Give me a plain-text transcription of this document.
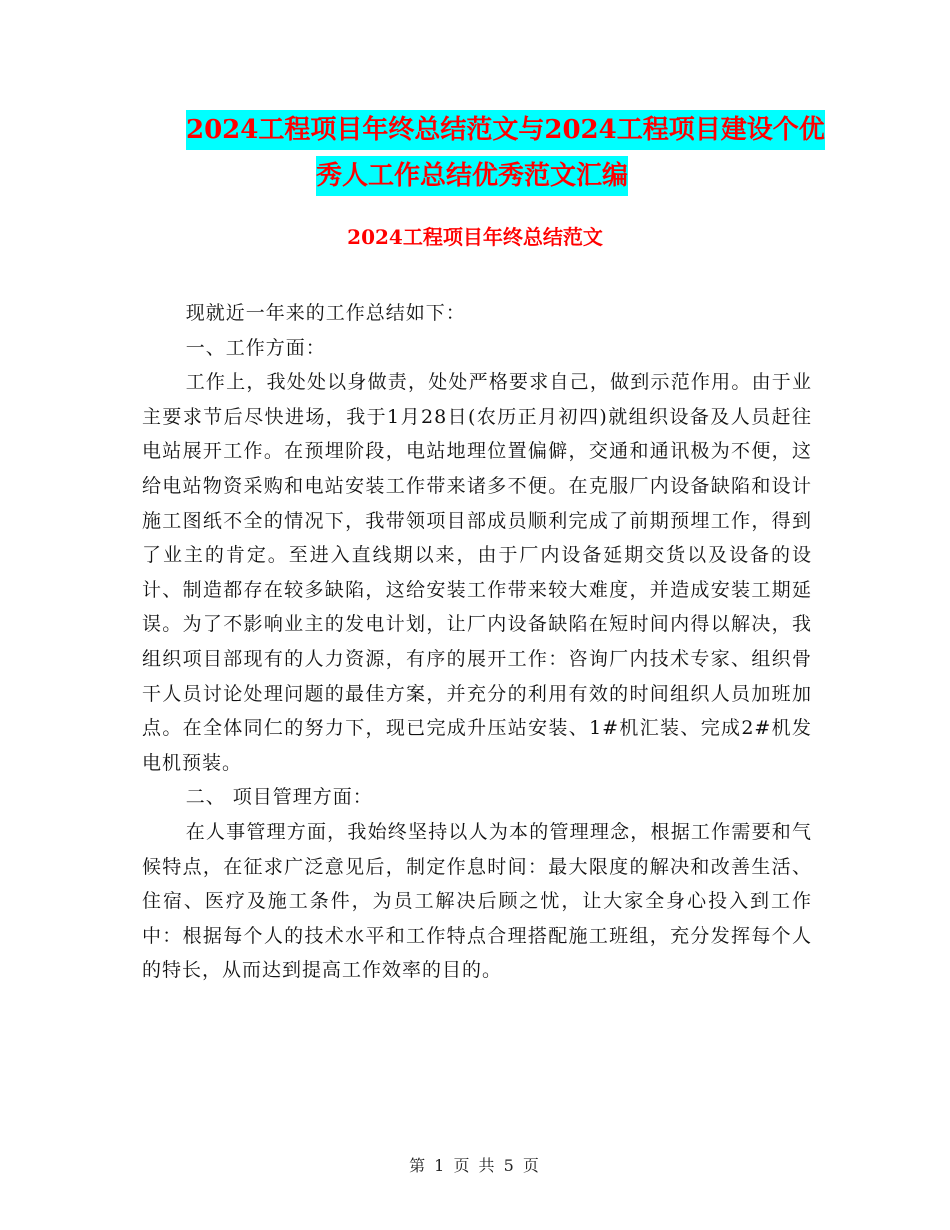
2024工程项目年终总结范文与2024工程项目建设个优
秀人工作总结优秀范文汇编
2024工程项目年终总结范文

现就近一年来的工作总结如下：

一、工作方面：

工作上，我处处以身做责，处处严格要求自己，做到示范作用。由于业主要求节后尽快进场，我于1月28日(农历正月初四)就组织设备及人员赶往电站展开工作。在预埋阶段，电站地理位置偏僻，交通和通讯极为不便，这给电站物资采购和电站安装工作带来诸多不便。在克服厂内设备缺陷和设计施工图纸不全的情况下，我带领项目部成员顺利完成了前期预埋工作，得到了业主的肯定。至进入直线期以来，由于厂内设备延期交货以及设备的设计、制造都存在较多缺陷，这给安装工作带来较大难度，并造成安装工期延误。为了不影响业主的发电计划，让厂内设备缺陷在短时间内得以解决，我组织项目部现有的人力资源，有序的展开工作：咨询厂内技术专家、组织骨干人员讨论处理问题的最佳方案，并充分的利用有效的时间组织人员加班加点。在全体同仁的努力下，现已完成升压站安装、1#机汇装、完成2#机发电机预装。

二、 项目管理方面：

在人事管理方面，我始终坚持以人为本的管理理念，根据工作需要和气候特点，在征求广泛意见后，制定作息时间：最大限度的解决和改善生活、住宿、医疗及施工条件，为员工解决后顾之忧，让大家全身心投入到工作中：根据每个人的技术水平和工作特点合理搭配施工班组，充分发挥每个人的特长，从而达到提高工作效率的目的。

第 1 页 共 5 页
